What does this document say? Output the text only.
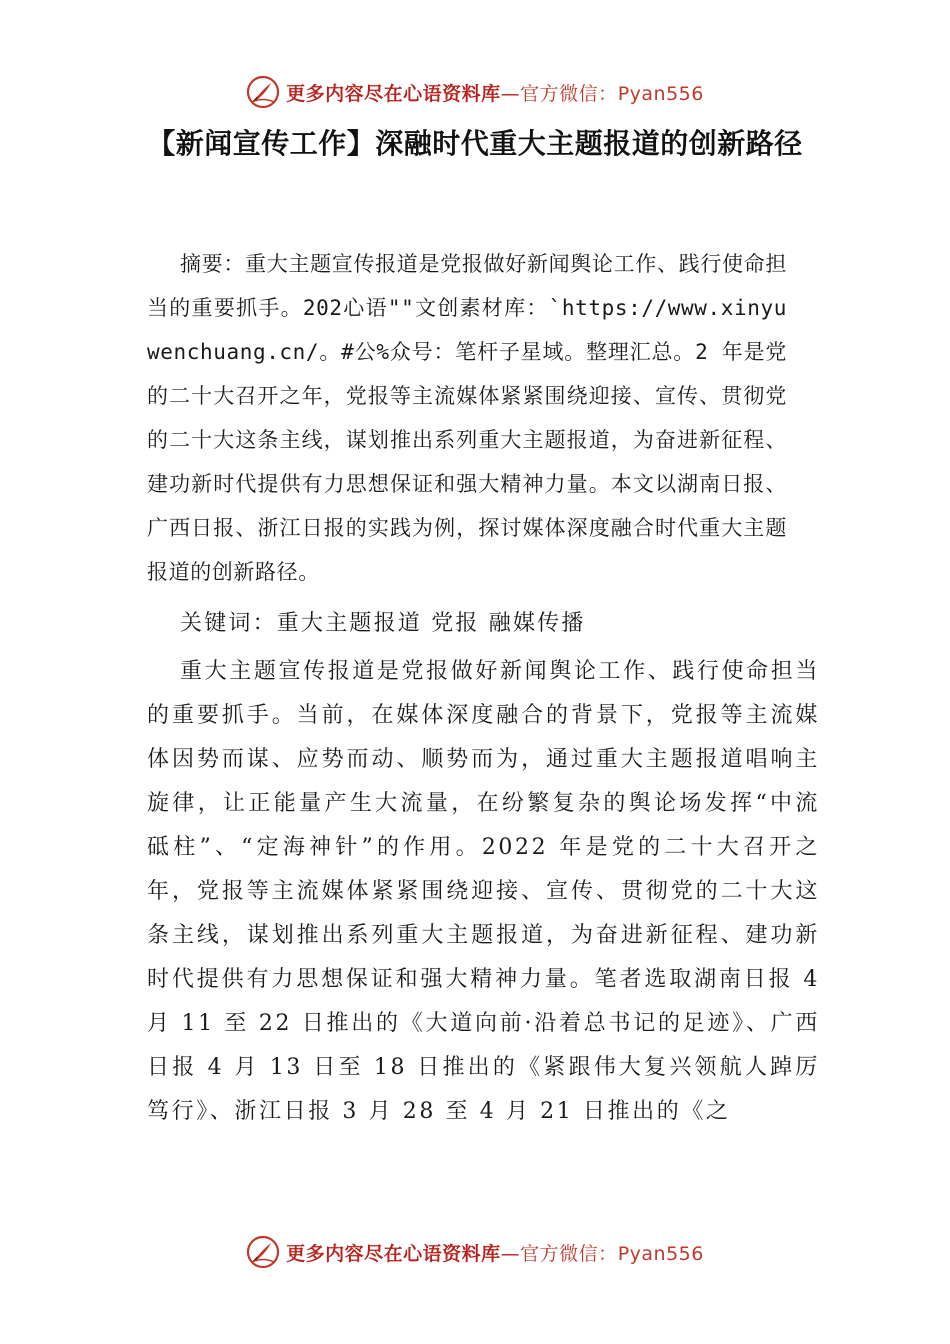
更多内容尽在心语资料库—官方微信：Pyan556
【新闻宣传工作】深融时代重大主题报道的创新路径

摘要：重大主题宣传报道是党报做好新闻舆论工作、践行使命担当的重要抓手。202心语""文创素材库：`https://www.xinyuwenchuang.cn/。#公%众号：笔杆子星域。整理汇总。2 年是党的二十大召开之年，党报等主流媒体紧紧围绕迎接、宣传、贯彻党的二十大这条主线，谋划推出系列重大主题报道，为奋进新征程、建功新时代提供有力思想保证和强大精神力量。本文以湖南日报、广西日报、浙江日报的实践为例，探讨媒体深度融合时代重大主题报道的创新路径。

关键词：重大主题报道 党报 融媒传播

重大主题宣传报道是党报做好新闻舆论工作、践行使命担当的重要抓手。当前，在媒体深度融合的背景下，党报等主流媒体因势而谋、应势而动、顺势而为，通过重大主题报道唱响主旋律，让正能量产生大流量，在纷繁复杂的舆论场发挥“中流砥柱”、“定海神针”的作用。2022 年是党的二十大召开之年，党报等主流媒体紧紧围绕迎接、宣传、贯彻党的二十大这条主线，谋划推出系列重大主题报道，为奋进新征程、建功新时代提供有力思想保证和强大精神力量。笔者选取湖南日报 4 月 11 至 22 日推出的《大道向前·沿着总书记的足迹》、广西日报 4 月 13 日至 18 日推出的《紧跟伟大复兴领航人踔厉笃行》、浙江日报 3 月 28 至 4 月 21 日推出的《之

更多内容尽在心语资料库—官方微信：Pyan556
